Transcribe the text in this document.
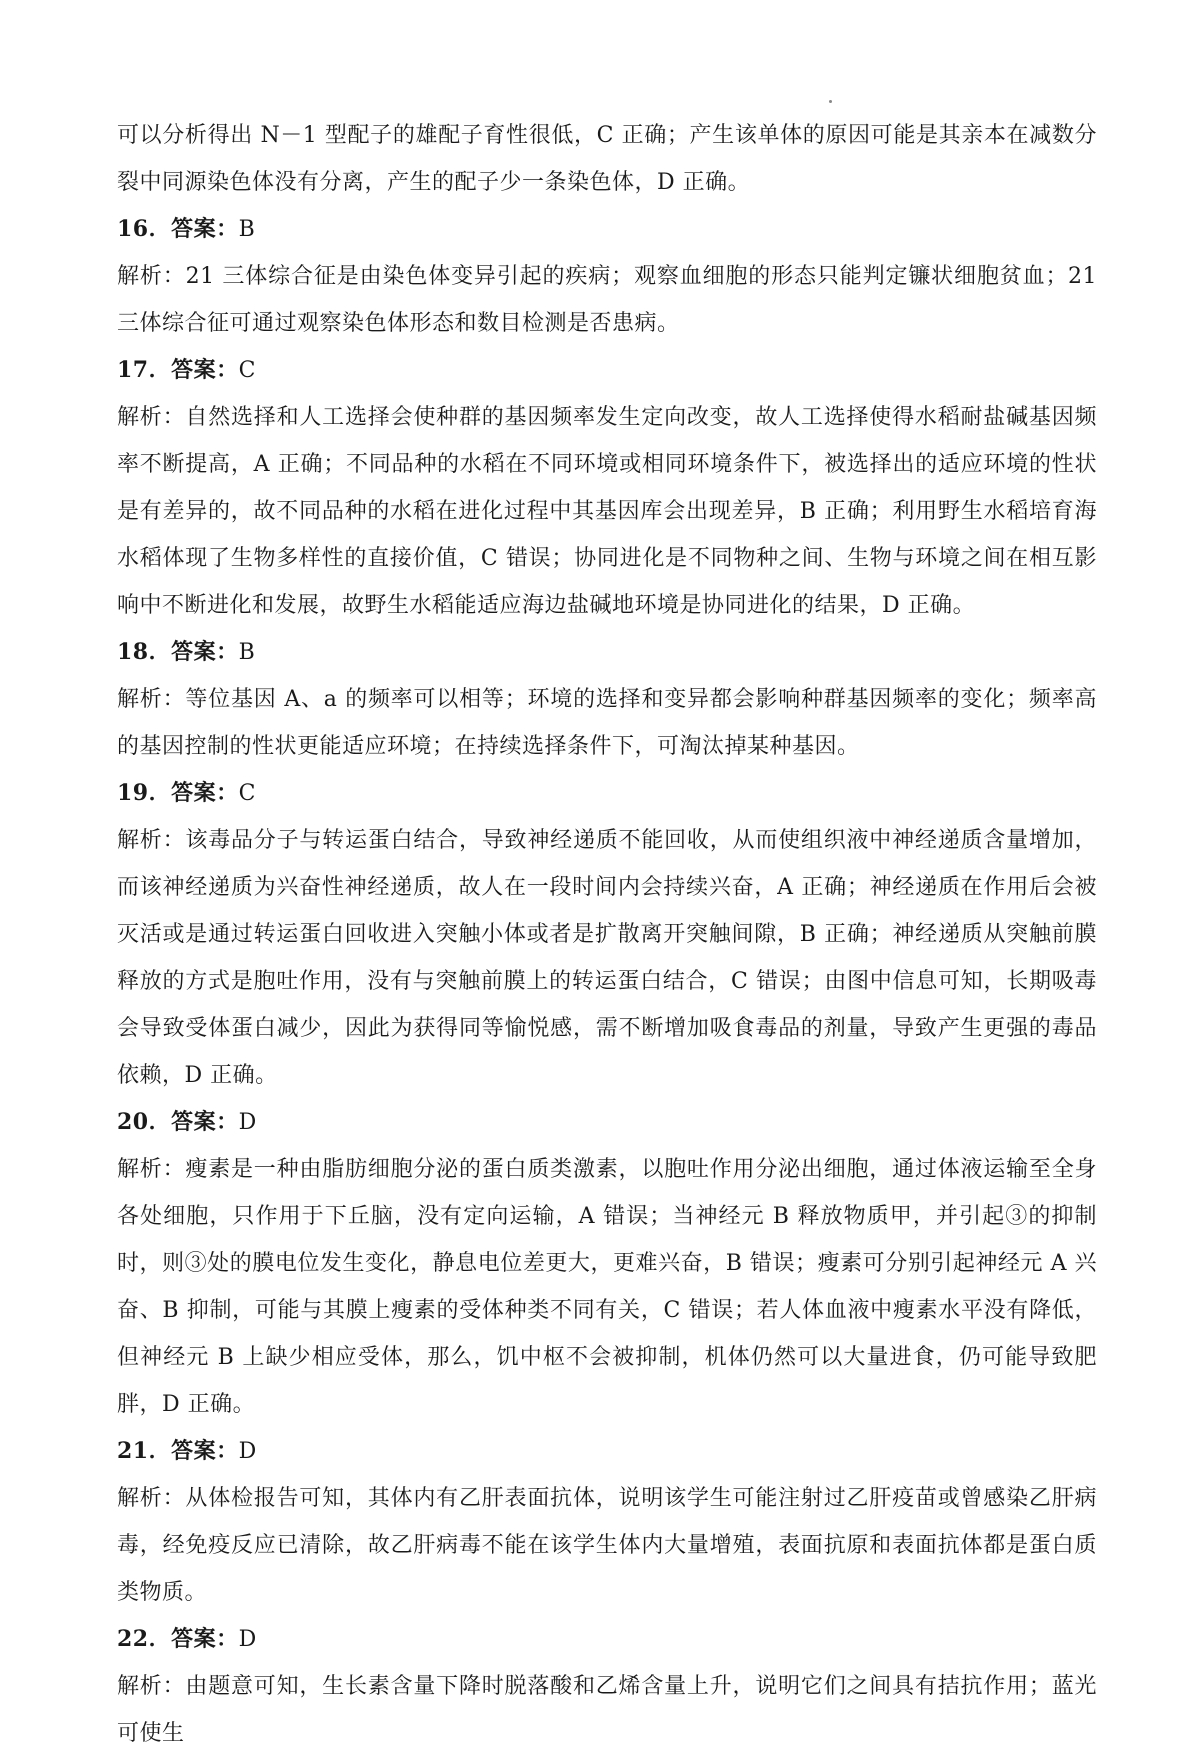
可以分析得出 N－1 型配子的雄配子育性很低，C 正确；产生该单体的原因可能是其亲本在减数分裂中同源染色体没有分离，产生的配子少一条染色体，D 正确。

16．答案：B

解析：21 三体综合征是由染色体变异引起的疾病；观察血细胞的形态只能判定镰状细胞贫血；21 三体综合征可通过观察染色体形态和数目检测是否患病。

17．答案：C

解析：自然选择和人工选择会使种群的基因频率发生定向改变，故人工选择使得水稻耐盐碱基因频率不断提高，A 正确；不同品种的水稻在不同环境或相同环境条件下，被选择出的适应环境的性状是有差异的，故不同品种的水稻在进化过程中其基因库会出现差异，B 正确；利用野生水稻培育海水稻体现了生物多样性的直接价值，C 错误；协同进化是不同物种之间、生物与环境之间在相互影响中不断进化和发展，故野生水稻能适应海边盐碱地环境是协同进化的结果，D 正确。

18．答案：B

解析：等位基因 A、a 的频率可以相等；环境的选择和变异都会影响种群基因频率的变化；频率高的基因控制的性状更能适应环境；在持续选择条件下，可淘汰掉某种基因。

19．答案：C

解析：该毒品分子与转运蛋白结合，导致神经递质不能回收，从而使组织液中神经递质含量增加，而该神经递质为兴奋性神经递质，故人在一段时间内会持续兴奋，A 正确；神经递质在作用后会被灭活或是通过转运蛋白回收进入突触小体或者是扩散离开突触间隙，B 正确；神经递质从突触前膜释放的方式是胞吐作用，没有与突触前膜上的转运蛋白结合，C 错误；由图中信息可知，长期吸毒会导致受体蛋白减少，因此为获得同等愉悦感，需不断增加吸食毒品的剂量，导致产生更强的毒品依赖，D 正确。

20．答案：D

解析：瘦素是一种由脂肪细胞分泌的蛋白质类激素，以胞吐作用分泌出细胞，通过体液运输至全身各处细胞，只作用于下丘脑，没有定向运输，A 错误；当神经元 B 释放物质甲，并引起③的抑制时，则③处的膜电位发生变化，静息电位差更大，更难兴奋，B 错误；瘦素可分别引起神经元 A 兴奋、B 抑制，可能与其膜上瘦素的受体种类不同有关，C 错误；若人体血液中瘦素水平没有降低，但神经元 B 上缺少相应受体，那么，饥中枢不会被抑制，机体仍然可以大量进食，仍可能导致肥胖，D 正确。

21．答案：D

解析：从体检报告可知，其体内有乙肝表面抗体，说明该学生可能注射过乙肝疫苗或曾感染乙肝病毒，经免疫反应已清除，故乙肝病毒不能在该学生体内大量增殖，表面抗原和表面抗体都是蛋白质类物质。

22．答案：D

解析：由题意可知，生长素含量下降时脱落酸和乙烯含量上升，说明它们之间具有拮抗作用；蓝光可使生
